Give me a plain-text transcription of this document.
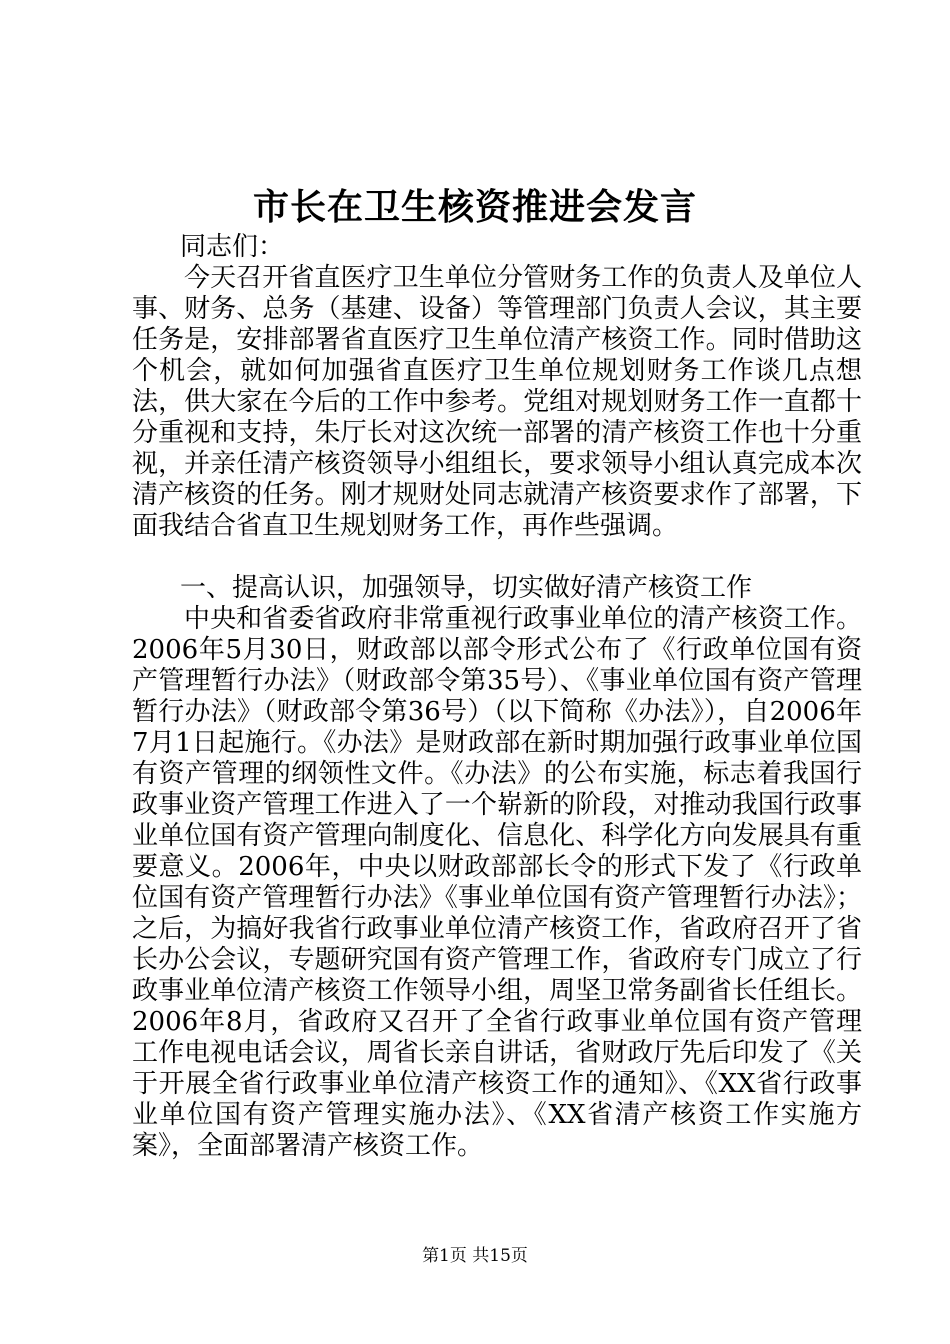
市长在卫生核资推进会发言

同志们：

今天召开省直医疗卫生单位分管财务工作的负责人及单位人事、财务、总务（基建、设备）等管理部门负责人会议，其主要任务是，安排部署省直医疗卫生单位清产核资工作。同时借助这个机会，就如何加强省直医疗卫生单位规划财务工作谈几点想法，供大家在今后的工作中参考。党组对规划财务工作一直都十分重视和支持，朱厅长对这次统一部署的清产核资工作也十分重视，并亲任清产核资领导小组组长，要求领导小组认真完成本次清产核资的任务。刚才规财处同志就清产核资要求作了部署，下面我结合省直卫生规划财务工作，再作些强调。

一、提高认识，加强领导，切实做好清产核资工作

中央和省委省政府非常重视行政事业单位的清产核资工作。2006年5月30日，财政部以部令形式公布了《行政单位国有资产管理暂行办法》（财政部令第35号）、《事业单位国有资产管理暂行办法》（财政部令第36号）（以下简称《办法》），自2006年7月1日起施行。《办法》是财政部在新时期加强行政事业单位国有资产管理的纲领性文件。《办法》的公布实施，标志着我国行政事业资产管理工作进入了一个崭新的阶段，对推动我国行政事业单位国有资产管理向制度化、信息化、科学化方向发展具有重要意义。2006年，中央以财政部部长令的形式下发了《行政单位国有资产管理暂行办法》《事业单位国有资产管理暂行办法》；之后，为搞好我省行政事业单位清产核资工作，省政府召开了省长办公会议，专题研究国有资产管理工作，省政府专门成立了行政事业单位清产核资工作领导小组，周坚卫常务副省长任组长。2006年8月，省政府又召开了全省行政事业单位国有资产管理工作电视电话会议，周省长亲自讲话，省财政厅先后印发了《关于开展全省行政事业单位清产核资工作的通知》、《XX省行政事业单位国有资产管理实施办法》、《XX省清产核资工作实施方案》，全面部署清产核资工作。

第1页 共15页
